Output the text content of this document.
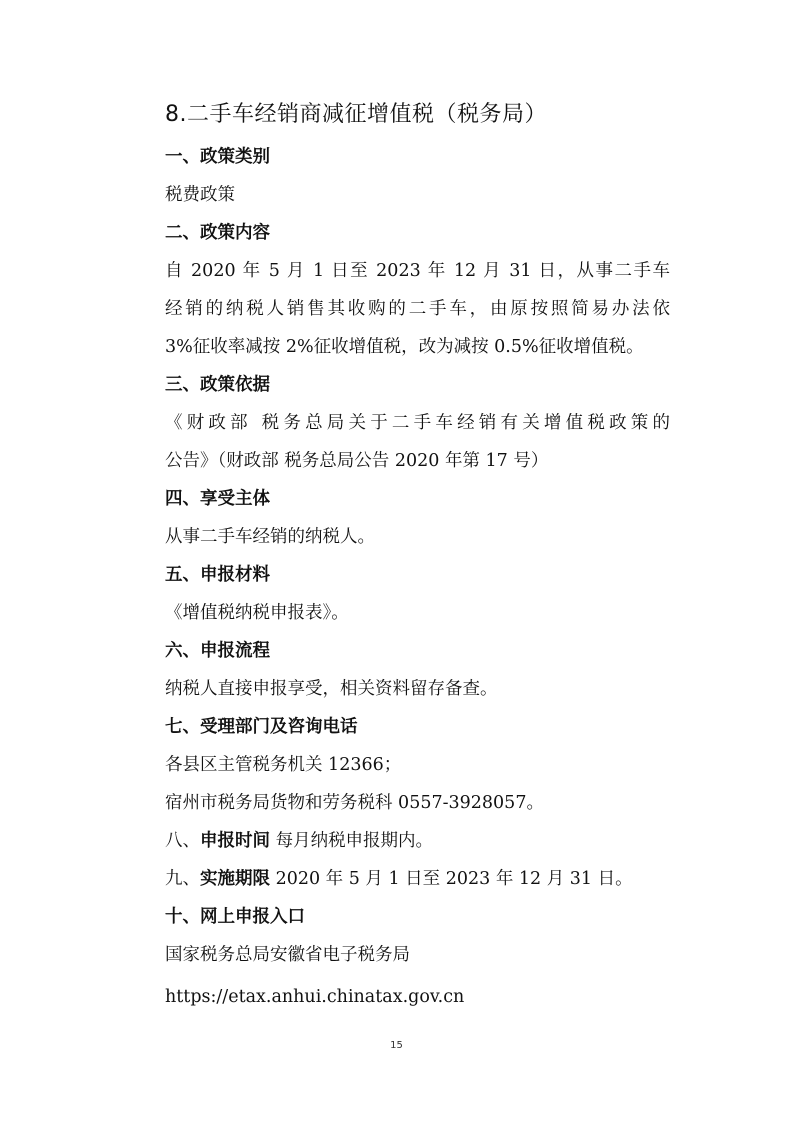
8.二手车经销商减征增值税（税务局）
一、政策类别
税费政策
二、政策内容
自 2020 年 5 月 1 日至 2023 年 12 月 31 日，从事二手车
经销的纳税人销售其收购的二手车，由原按照简易办法依
3%征收率减按 2%征收增值税，改为减按 0.5%征收增值税。
三、政策依据
《财政部 税务总局关于二手车经销有关增值税政策的
公告》（财政部 税务总局公告 2020 年第 17 号）
四、享受主体
从事二手车经销的纳税人。
五、申报材料
《增值税纳税申报表》。
六、申报流程
纳税人直接申报享受，相关资料留存备查。
七、受理部门及咨询电话
各县区主管税务机关 12366；
宿州市税务局货物和劳务税科 0557-3928057。
八、申报时间 每月纳税申报期内。
九、实施期限 2020 年 5 月 1 日至 2023 年 12 月 31 日。
十、网上申报入口
国家税务总局安徽省电子税务局
https://etax.anhui.chinatax.gov.cn
15
